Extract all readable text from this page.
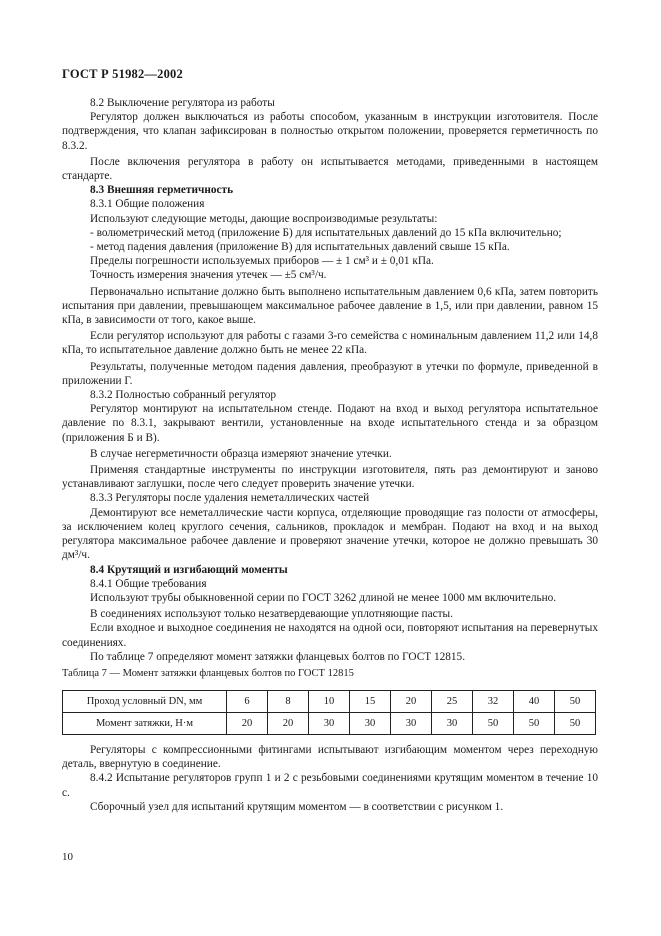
ГОСТ Р 51982—2002

8.2 Выключение регулятора из работы

Регулятор должен выключаться из работы способом, указанным в инструкции изготовителя. После подтверждения, что клапан зафиксирован в полностью открытом положении, проверяется герметичность по 8.3.2.

После включения регулятора в работу он испытывается методами, приведенными в настоящем стандарте.

8.3 Внешняя герметичность

8.3.1 Общие положения

Используют следующие методы, дающие воспроизводимые результаты:

- волюметрический метод (приложение Б) для испытательных давлений до 15 кПа включительно;

- метод падения давления (приложение В) для испытательных давлений свыше 15 кПа.

Пределы погрешности используемых приборов — ± 1 см³ и ± 0,01 кПа.

Точность измерения значения утечек — ±5 см³/ч.

Первоначально испытание должно быть выполнено испытательным давлением 0,6 кПа, затем повторить испытания при давлении, превышающем максимальное рабочее давление в 1,5, или при давлении, равном 15 кПа, в зависимости от того, какое выше.

Если регулятор используют для работы с газами 3-го семейства с номинальным давлением 11,2 или 14,8 кПа, то испытательное давление должно быть не менее 22 кПа.

Результаты, полученные методом падения давления, преобразуют в утечки по формуле, приведенной в приложении Г.

8.3.2 Полностью собранный регулятор

Регулятор монтируют на испытательном стенде. Подают на вход и выход регулятора испытательное давление по 8.3.1, закрывают вентили, установленные на входе испытательного стенда и за образцом (приложения Б и В).

В случае негерметичности образца измеряют значение утечки.

Применяя стандартные инструменты по инструкции изготовителя, пять раз демонтируют и заново устанавливают заглушки, после чего следует проверить значение утечки.

8.3.3 Регуляторы после удаления неметаллических частей

Демонтируют все неметаллические части корпуса, отделяющие проводящие газ полости от атмосферы, за исключением колец круглого сечения, сальников, прокладок и мембран. Подают на вход и на выход регулятора максимальное рабочее давление и проверяют значение утечки, которое не должно превышать 30 дм³/ч.

8.4 Крутящий и изгибающий моменты

8.4.1 Общие требования

Используют трубы обыкновенной серии по ГОСТ 3262 длиной не менее 1000 мм включительно.

В соединениях используют только незатвердевающие уплотняющие пасты.

Если входное и выходное соединения не находятся на одной оси, повторяют испытания на перевернутых соединениях.

По таблице 7 определяют момент затяжки фланцевых болтов по ГОСТ 12815.

Таблица 7 — Момент затяжки фланцевых болтов по ГОСТ 12815
Проход условный DN, мм	6	8	10	15	20	25	32	40	50
Момент затяжки, Н·м	20	20	30	30	30	30	50	50	50

Регуляторы с компрессионными фитингами испытывают изгибающим моментом через переходную деталь, ввернутую в соединение.

8.4.2 Испытание регуляторов групп 1 и 2 с резьбовыми соединениями крутящим моментом в течение 10 с.

Сборочный узел для испытаний крутящим моментом — в соответствии с рисунком 1.

10
